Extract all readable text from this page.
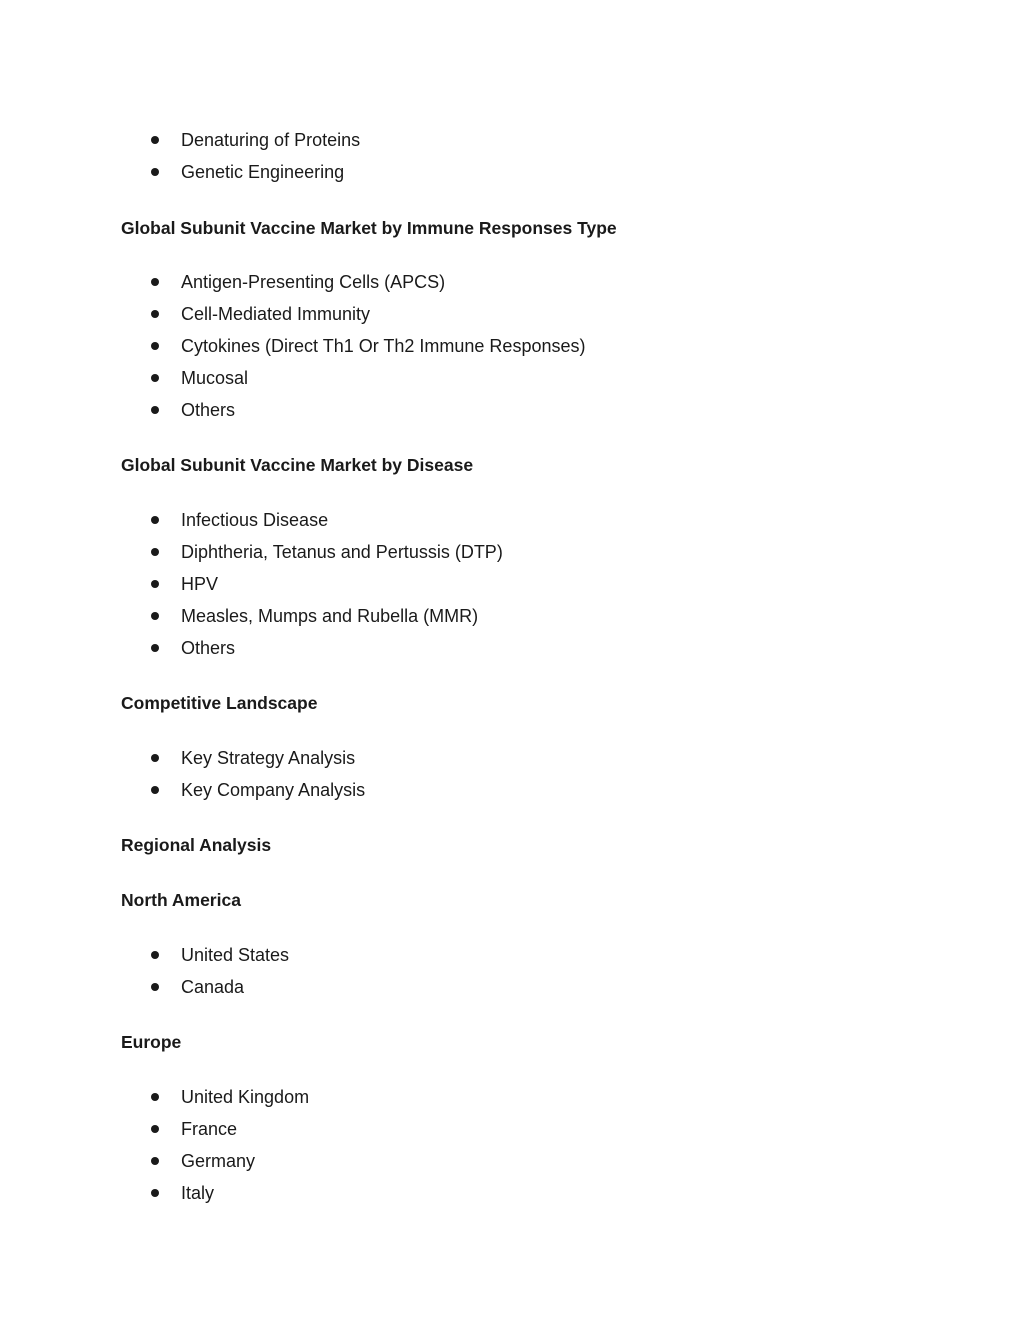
Denaturing of Proteins
Genetic Engineering
Global Subunit Vaccine Market by Immune Responses Type
Antigen-Presenting Cells (APCS)
Cell-Mediated Immunity
Cytokines (Direct Th1 Or Th2 Immune Responses)
Mucosal
Others
Global Subunit Vaccine Market by Disease
Infectious Disease
Diphtheria, Tetanus and Pertussis (DTP)
HPV
Measles, Mumps and Rubella (MMR)
Others
Competitive Landscape
Key Strategy Analysis
Key Company Analysis
Regional Analysis
North America
United States
Canada
Europe
United Kingdom
France
Germany
Italy
